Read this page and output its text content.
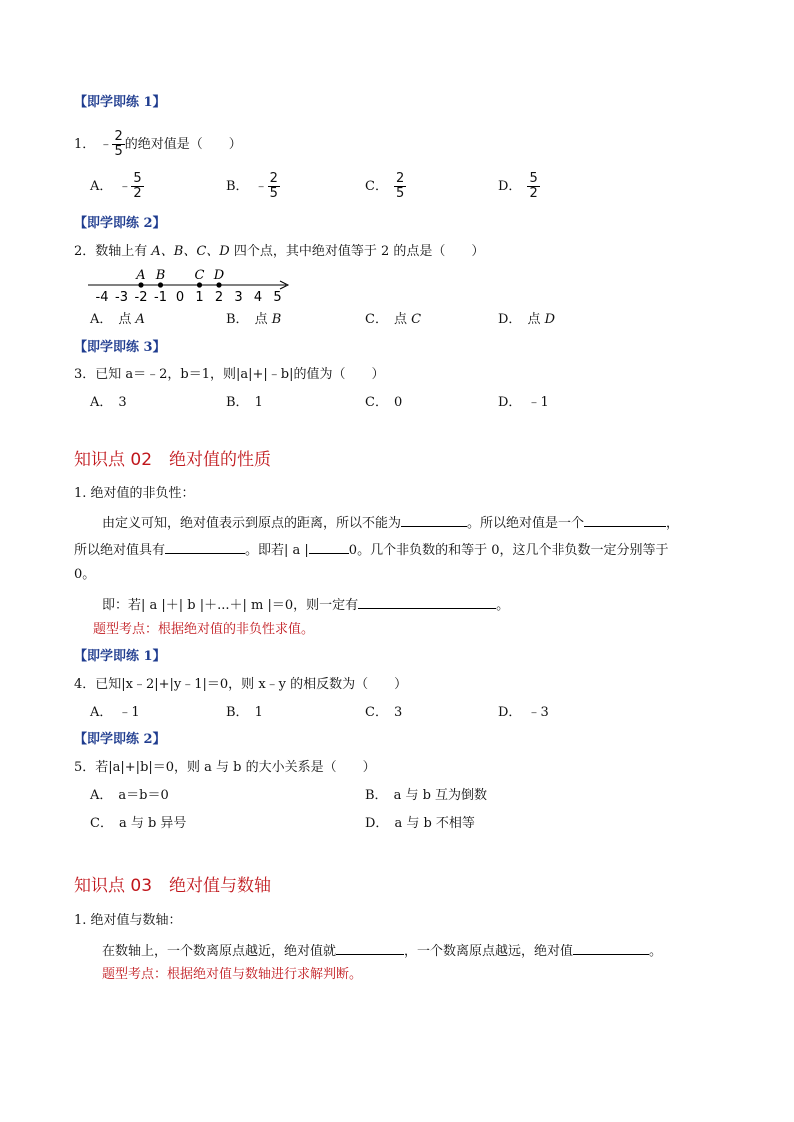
【即学即练 1】
1． ﹣ $\frac{2}{5}$ 的绝对值是（　　）
A． ﹣ $\frac{5}{2}$	B． ﹣ $\frac{2}{5}$	C． $\frac{2}{5}$	D． $\frac{5}{2}$
【即学即练 2】
2．数轴上有 A、B、C、D 四个点，其中绝对值等于 2 的点是（　　）
-4 -3 -2 -1 0 1 2 3 4 5
A B C D
A． 点 A	B． 点 B	C． 点 C	D． 点 D
【即学即练 3】
3．已知 a＝﹣2，b＝1，则|a|+|﹣b|的值为（　　）
A． 3	B． 1	C． 0	D． ﹣1
知识点 02　绝对值的性质
1. 绝对值的非负性：
由定义可知，绝对值表示到原点的距离，所以不能为	。所以绝对值是一个	，
所以绝对值具有	。即若| a |	0。几个非负数的和等于 0，这几个非负数一定分别等于
0。
即：若| a |＋| b |＋...＋| m |＝0，则一定有	。
题型考点：根据绝对值的非负性求值。
【即学即练 1】
4．已知|x﹣2|+|y﹣1|＝0，则 x﹣y 的相反数为（　　）
A． ﹣1	B． 1	C． 3	D． ﹣3
【即学即练 2】
5．若|a|+|b|＝0，则 a 与 b 的大小关系是（　　）
A． a＝b＝0	B． a 与 b 互为倒数
C． a 与 b 异号	D． a 与 b 不相等
知识点 03　绝对值与数轴
1. 绝对值与数轴：
在数轴上，一个数离原点越近，绝对值就	，一个数离原点越远，绝对值	。
题型考点：根据绝对值与数轴进行求解判断。
